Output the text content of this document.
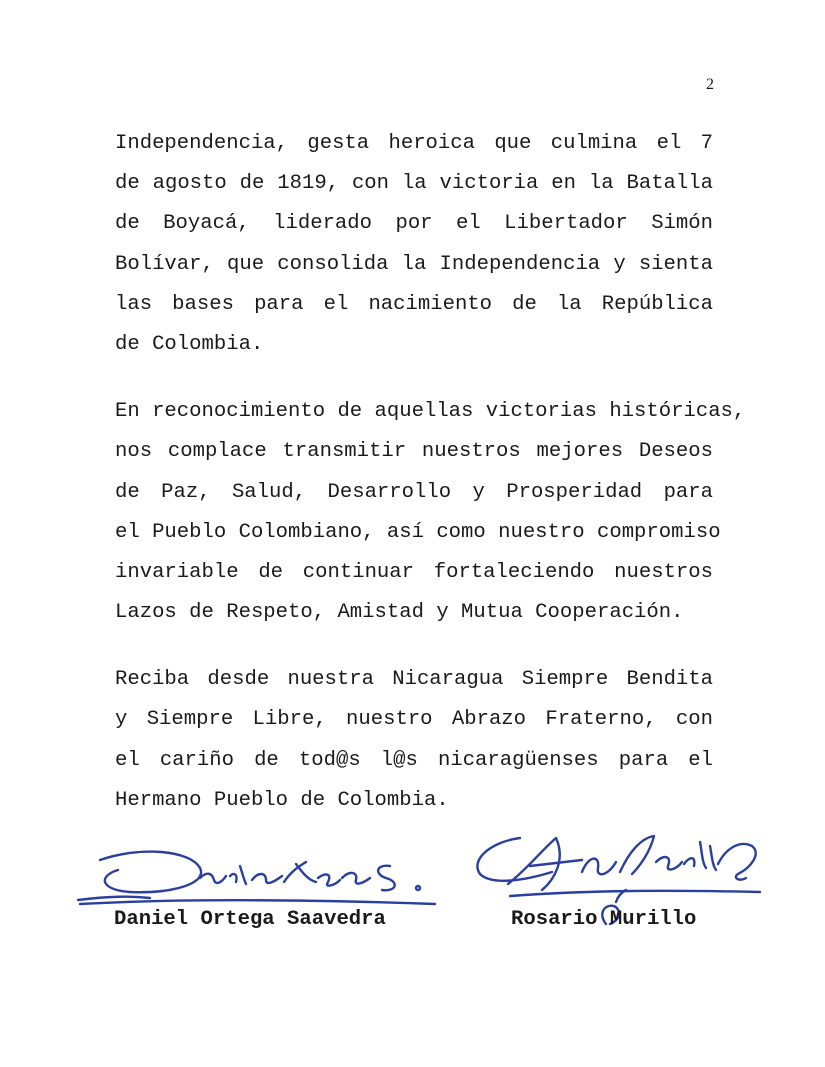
2
Independencia, gesta heroica que culmina el 7
de agosto de 1819, con la victoria en la Batalla
de Boyacá, liderado por el Libertador Simón
Bolívar, que consolida la Independencia y sienta
las bases para el nacimiento de la República
de Colombia.
En reconocimiento de aquellas victorias históricas,
nos complace transmitir nuestros mejores Deseos
de Paz, Salud, Desarrollo y Prosperidad para
el Pueblo Colombiano, así como nuestro compromiso
invariable de continuar fortaleciendo nuestros
Lazos de Respeto, Amistad y Mutua Cooperación.
Reciba desde nuestra Nicaragua Siempre Bendita
y Siempre Libre, nuestro Abrazo Fraterno, con
el cariño de tod@s l@s nicaragüenses para el
Hermano Pueblo de Colombia.
Daniel Ortega Saavedra	Rosario Murillo
